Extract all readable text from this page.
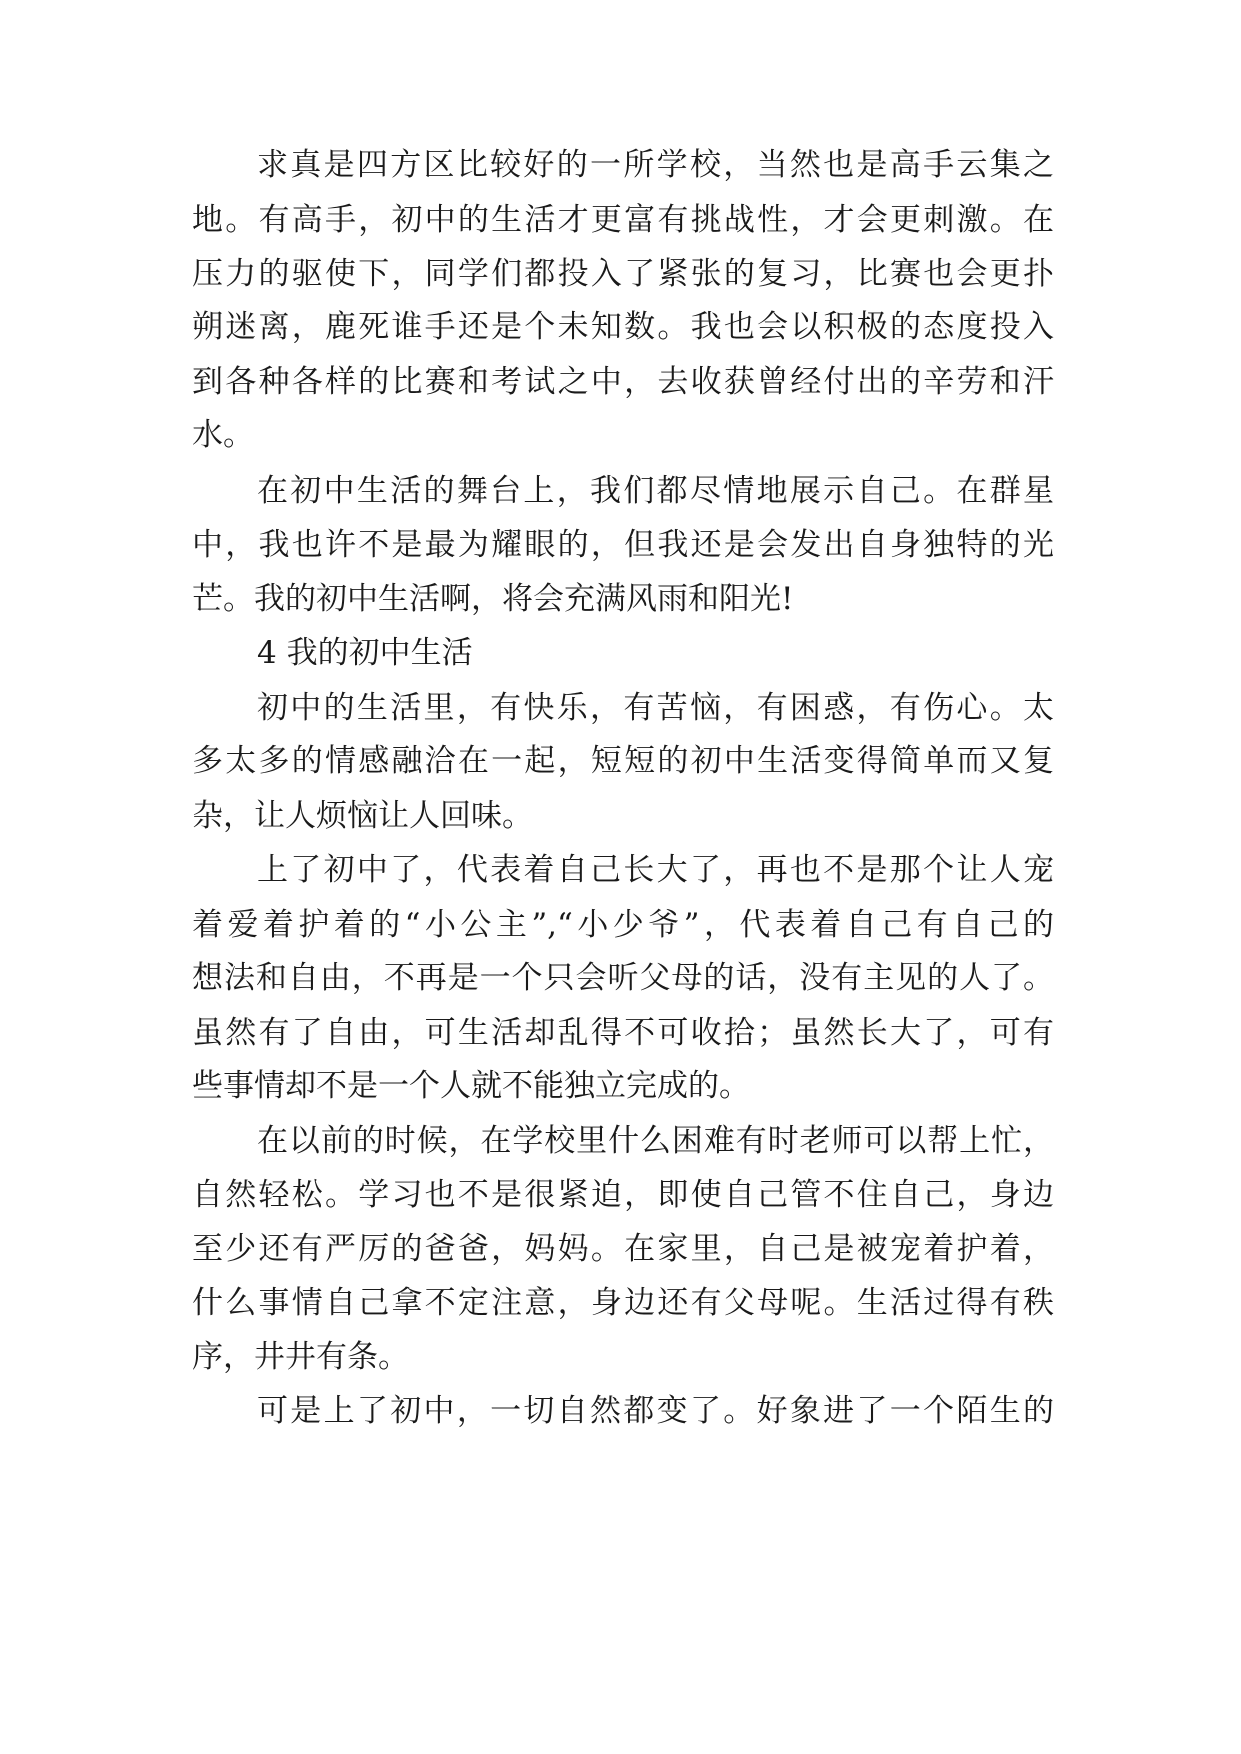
求真是四方区比较好的一所学校，当然也是高手云集之
地。有高手，初中的生活才更富有挑战性，才会更刺激。在
压力的驱使下，同学们都投入了紧张的复习，比赛也会更扑
朔迷离，鹿死谁手还是个未知数。我也会以积极的态度投入
到各种各样的比赛和考试之中，去收获曾经付出的辛劳和汗
水。
在初中生活的舞台上，我们都尽情地展示自己。在群星
中，我也许不是最为耀眼的，但我还是会发出自身独特的光
芒。我的初中生活啊，将会充满风雨和阳光!
4 我的初中生活
初中的生活里，有快乐，有苦恼，有困惑，有伤心。太
多太多的情感融洽在一起，短短的初中生活变得简单而又复
杂，让人烦恼让人回味。
上了初中了，代表着自己长大了，再也不是那个让人宠
着爱着护着的“小公主”,“小少爷”，代表着自己有自己的
想法和自由，不再是一个只会听父母的话，没有主见的人了。
虽然有了自由，可生活却乱得不可收拾；虽然长大了，可有
些事情却不是一个人就不能独立完成的。
在以前的时候，在学校里什么困难有时老师可以帮上忙，
自然轻松。学习也不是很紧迫，即使自己管不住自己，身边
至少还有严厉的爸爸，妈妈。在家里，自己是被宠着护着，
什么事情自己拿不定注意，身边还有父母呢。生活过得有秩
序，井井有条。
可是上了初中，一切自然都变了。好象进了一个陌生的
